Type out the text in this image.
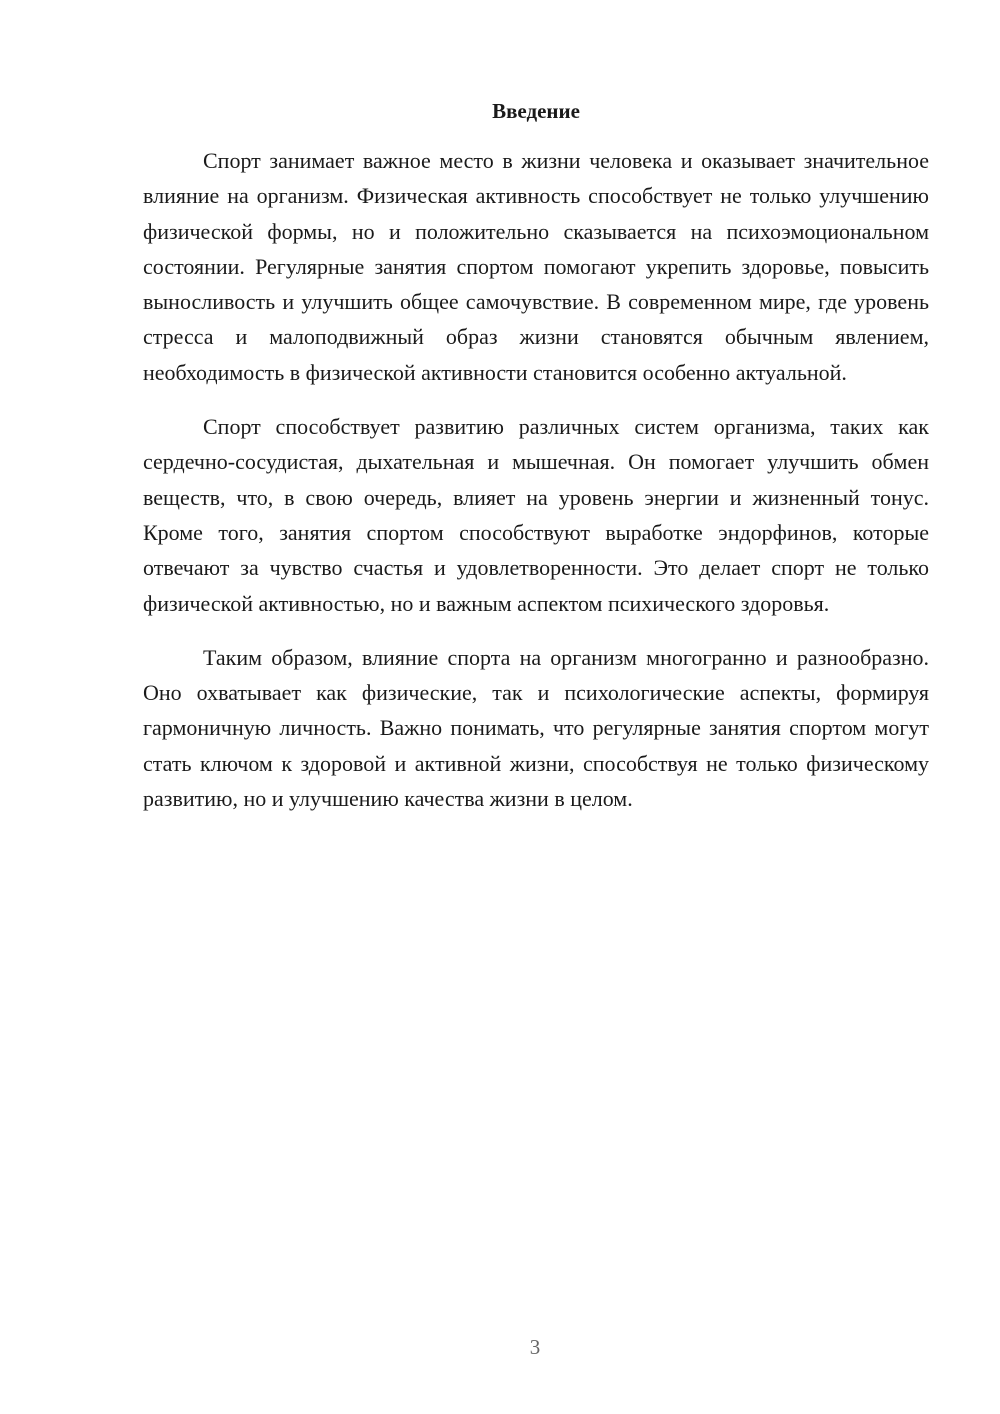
Введение

Спорт занимает важное место в жизни человека и оказывает значительное влияние на организм. Физическая активность способствует не только улучшению физической формы, но и положительно сказывается на психоэмоциональном состоянии. Регулярные занятия спортом помогают укрепить здоровье, повысить выносливость и улучшить общее самочувствие. В современном мире, где уровень стресса и малоподвижный образ жизни становятся обычным явлением, необходимость в физической активности становится особенно актуальной.

Спорт способствует развитию различных систем организма, таких как сердечно-сосудистая, дыхательная и мышечная. Он помогает улучшить обмен веществ, что, в свою очередь, влияет на уровень энергии и жизненный тонус. Кроме того, занятия спортом способствуют выработке эндорфинов, которые отвечают за чувство счастья и удовлетворенности. Это делает спорт не только физической активностью, но и важным аспектом психического здоровья.

Таким образом, влияние спорта на организм многогранно и разнообразно. Оно охватывает как физические, так и психологические аспекты, формируя гармоничную личность. Важно понимать, что регулярные занятия спортом могут стать ключом к здоровой и активной жизни, способствуя не только физическому развитию, но и улучшению качества жизни в целом.

3
